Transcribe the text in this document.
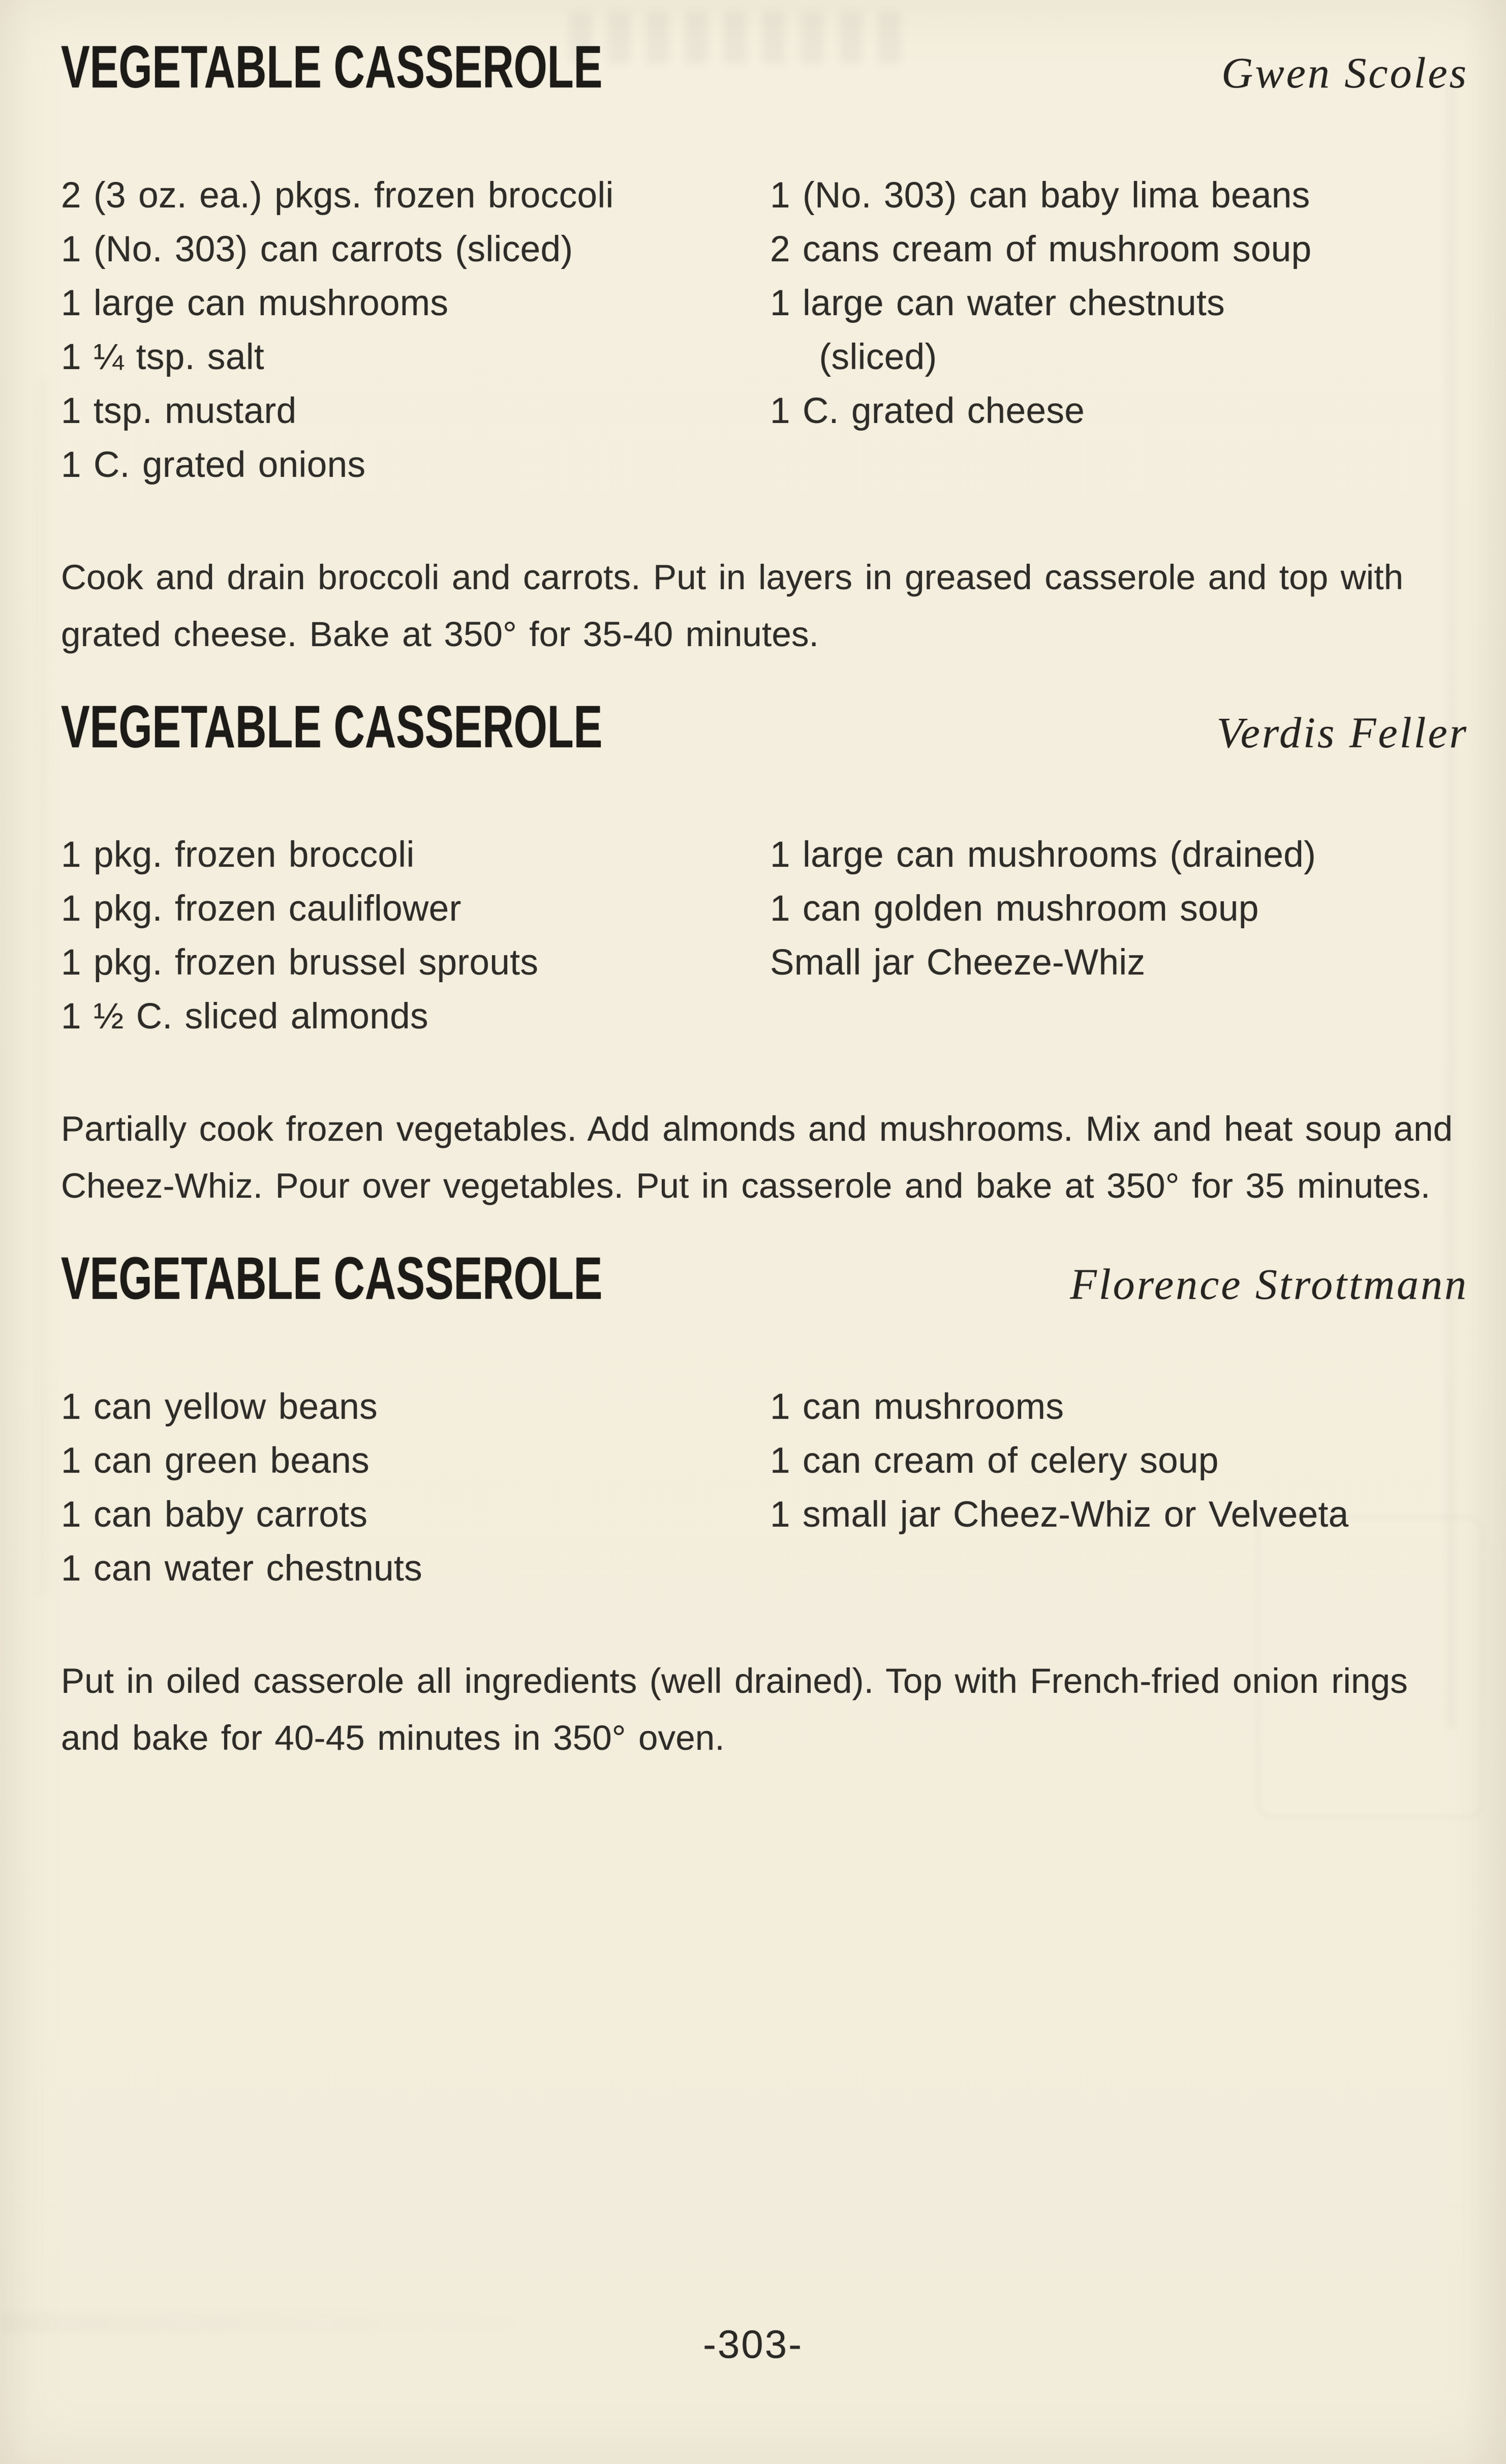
VEGETABLE CASSEROLE	Gwen Scoles
2 (3 oz. ea.) pkgs. frozen broccoli
1 (No. 303) can carrots (sliced)
1 large can mushrooms
1 ¼ tsp. salt
1 tsp. mustard
1 C. grated onions
1 (No. 303) can baby lima beans
2 cans cream of mushroom soup
1 large can water chestnuts
(sliced)
1 C. grated cheese

Cook and drain broccoli and carrots. Put in layers in greased casserole and top with grated cheese. Bake at 350° for 35-40 minutes.

VEGETABLE CASSEROLE	Verdis Feller
1 pkg. frozen broccoli
1 pkg. frozen cauliflower
1 pkg. frozen brussel sprouts
1 ½ C. sliced almonds
1 large can mushrooms (drained)
1 can golden mushroom soup
Small jar Cheeze-Whiz

Partially cook frozen vegetables. Add almonds and mushrooms. Mix and heat soup and Cheez-Whiz. Pour over vegetables. Put in casserole and bake at 350° for 35 minutes.

VEGETABLE CASSEROLE	Florence Strottmann
1 can yellow beans
1 can green beans
1 can baby carrots
1 can water chestnuts
1 can mushrooms
1 can cream of celery soup
1 small jar Cheez-Whiz or Velveeta

Put in oiled casserole all ingredients (well drained). Top with French-fried onion rings and bake for 40-45 minutes in 350° oven.

-303-
